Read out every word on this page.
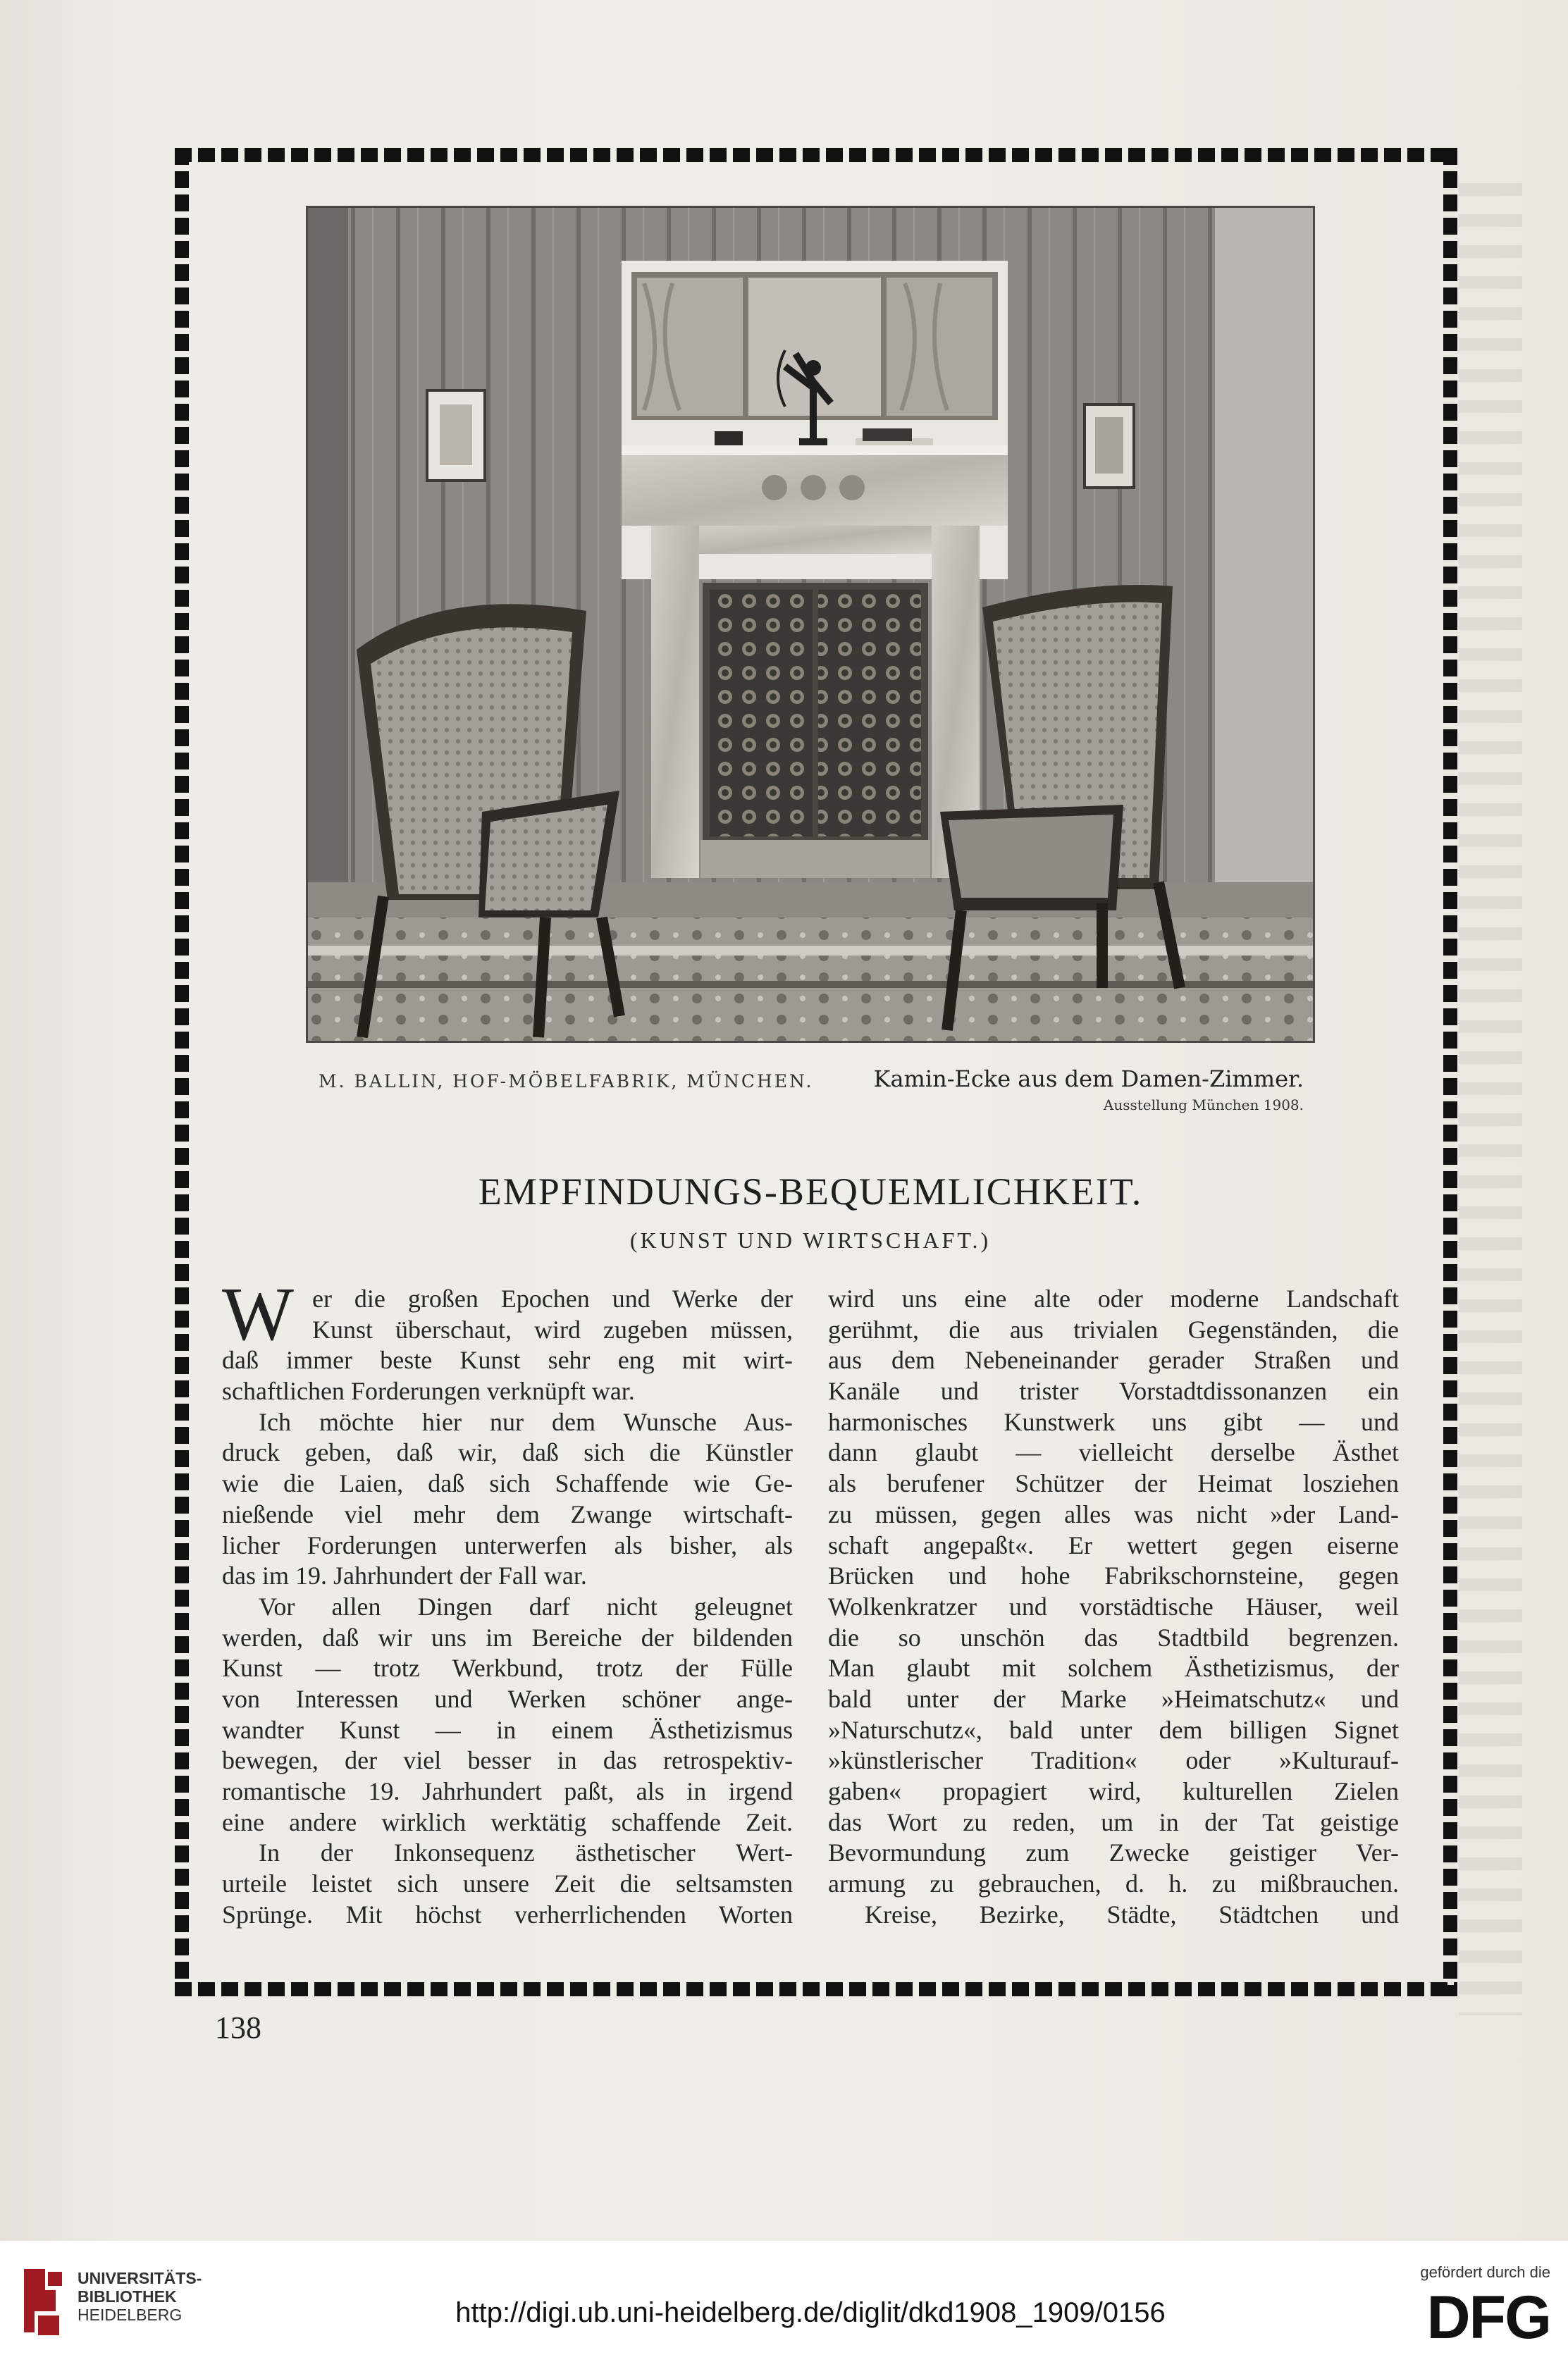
M. BALLIN, HOF-MÖBELFABRIK, MÜNCHEN.	Kamin-Ecke aus dem Damen-Zimmer.
Ausstellung München 1908.
EMPFINDUNGS-BEQUEMLICHKEIT.
(KUNST UND WIRTSCHAFT.)
W er die großen Epochen und Werke der
Kunst überschaut, wird zugeben müssen,
daß immer beste Kunst sehr eng mit wirt-
schaftlichen Forderungen verknüpft war.
Ich möchte hier nur dem Wunsche Aus-
druck geben, daß wir, daß sich die Künstler
wie die Laien, daß sich Schaffende wie Ge-
nießende viel mehr dem Zwange wirtschaft-
licher Forderungen unterwerfen als bisher, als
das im 19. Jahrhundert der Fall war.
Vor allen Dingen darf nicht geleugnet
werden, daß wir uns im Bereiche der bildenden
Kunst — trotz Werkbund, trotz der Fülle
von Interessen und Werken schöner ange-
wandter Kunst — in einem Ästhetizismus
bewegen, der viel besser in das retrospektiv-
romantische 19. Jahrhundert paßt, als in irgend
eine andere wirklich werktätig schaffende Zeit.
In der Inkonsequenz ästhetischer Wert-
urteile leistet sich unsere Zeit die seltsamsten
Sprünge. Mit höchst verherrlichenden Worten
wird uns eine alte oder moderne Landschaft
gerühmt, die aus trivialen Gegenständen, die
aus dem Nebeneinander gerader Straßen und
Kanäle und trister Vorstadtdissonanzen ein
harmonisches Kunstwerk uns gibt — und
dann glaubt — vielleicht derselbe Ästhet
als berufener Schützer der Heimat losziehen
zu müssen, gegen alles was nicht »der Land-
schaft angepaßt«. Er wettert gegen eiserne
Brücken und hohe Fabrikschornsteine, gegen
Wolkenkratzer und vorstädtische Häuser, weil
die so unschön das Stadtbild begrenzen.
Man glaubt mit solchem Ästhetizismus, der
bald unter der Marke »Heimatschutz« und
»Naturschutz«, bald unter dem billigen Signet
»künstlerischer Tradition« oder »Kulturauf-
gaben« propagiert wird, kulturellen Zielen
das Wort zu reden, um in der Tat geistige
Bevormundung zum Zwecke geistiger Ver-
armung zu gebrauchen, d. h. zu mißbrauchen.
Kreise, Bezirke, Städte, Städtchen und
138
UNIVERSITÄTS-
BIBLIOTHEK
HEIDELBERG	http://digi.ub.uni-heidelberg.de/diglit/dkd1908_1909/0156
gefördert durch die
DFG
